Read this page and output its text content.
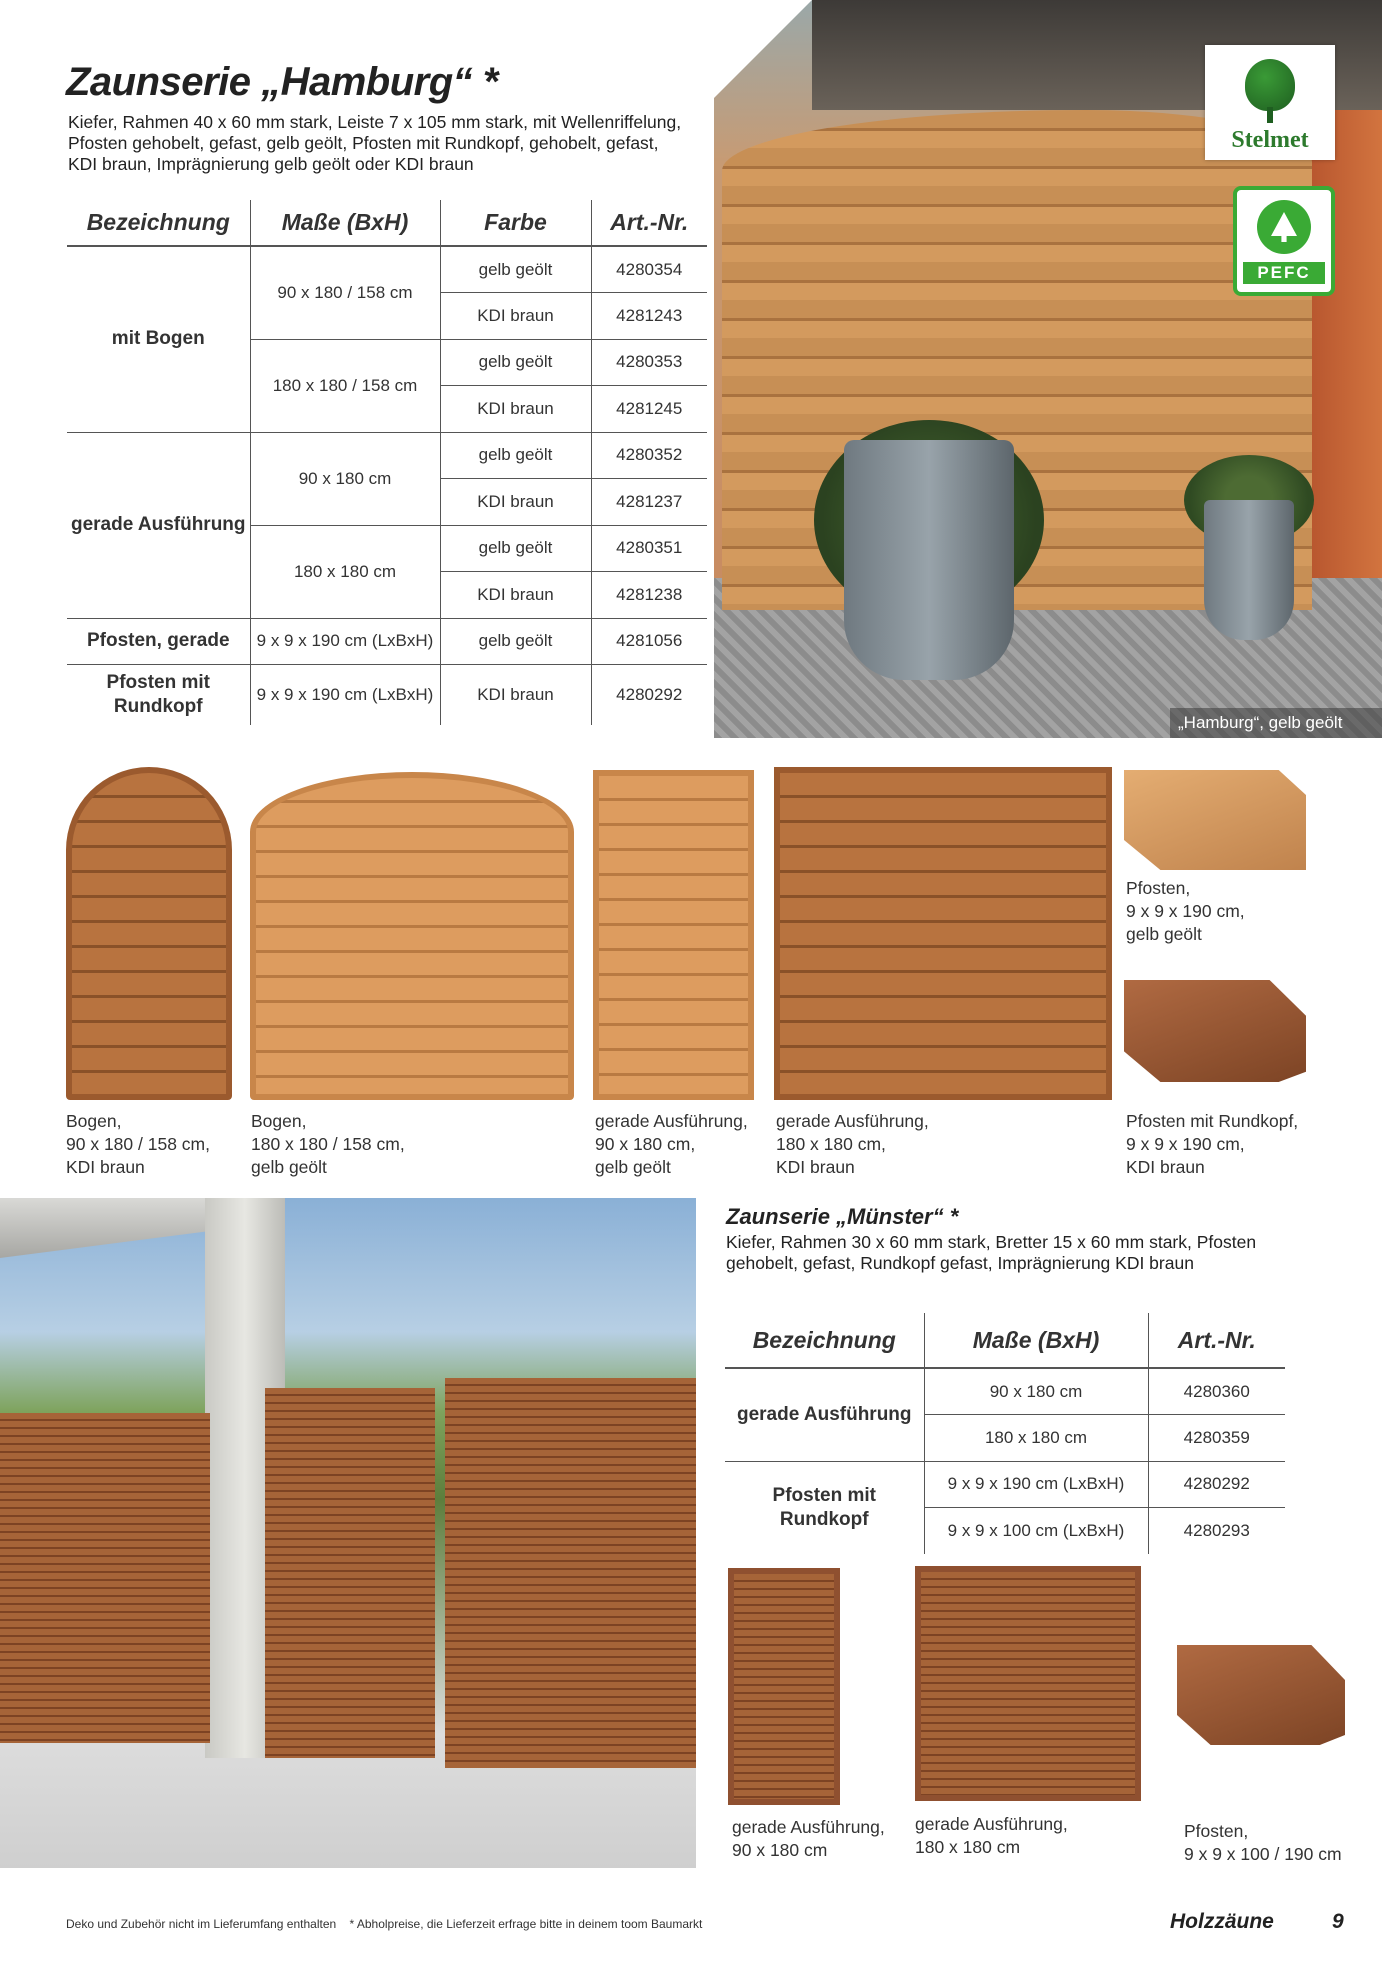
Zaunserie „Hamburg“ *
Kiefer, Rahmen 40 x 60 mm stark, Leiste 7 x 105 mm stark, mit Wellenriffelung,
Pfosten gehobelt, gefast, gelb geölt, Pfosten mit Rundkopf, gehobelt, gefast,
KDI braun, Imprägnierung gelb geölt oder KDI braun
Bezeichnung	Maße (BxH)	Farbe	Art.-Nr.
mit Bogen	90 x 180 / 158 cm	gelb geölt	4280354
		KDI braun	4281243
	180 x 180 / 158 cm	gelb geölt	4280353
		KDI braun	4281245
gerade Ausführung	90 x 180 cm	gelb geölt	4280352
		KDI braun	4281237
	180 x 180 cm	gelb geölt	4280351
		KDI braun	4281238
Pfosten, gerade	9 x 9 x 190 cm (LxBxH)	gelb geölt	4281056
Pfosten mit Rundkopf	9 x 9 x 190 cm (LxBxH)	KDI braun	4280292
„Hamburg“, gelb geölt
Stelmet
PEFC
Bogen,
90 x 180 / 158 cm,
KDI braun
Bogen,
180 x 180 / 158 cm,
gelb geölt
gerade Ausführung,
90 x 180 cm,
gelb geölt
gerade Ausführung,
180 x 180 cm,
KDI braun
Pfosten,
9 x 9 x 190 cm,
gelb geölt
Pfosten mit Rundkopf,
9 x 9 x 190 cm,
KDI braun
Zaunserie „Münster“ *
Kiefer, Rahmen 30 x 60 mm stark, Bretter 15 x 60 mm stark, Pfosten
gehobelt, gefast, Rundkopf gefast, Imprägnierung KDI braun
Bezeichnung	Maße (BxH)	Art.-Nr.
gerade Ausführung	90 x 180 cm	4280360
	180 x 180 cm	4280359
Pfosten mit Rundkopf	9 x 9 x 190 cm (LxBxH)	4280292
	9 x 9 x 100 cm (LxBxH)	4280293
gerade Ausführung,
90 x 180 cm
gerade Ausführung,
180 x 180 cm
Pfosten,
9 x 9 x 100 / 190 cm
Deko und Zubehör nicht im Lieferumfang enthalten    * Abholpreise, die Lieferzeit erfrage bitte in deinem toom Baumarkt	Holzzäune	9
